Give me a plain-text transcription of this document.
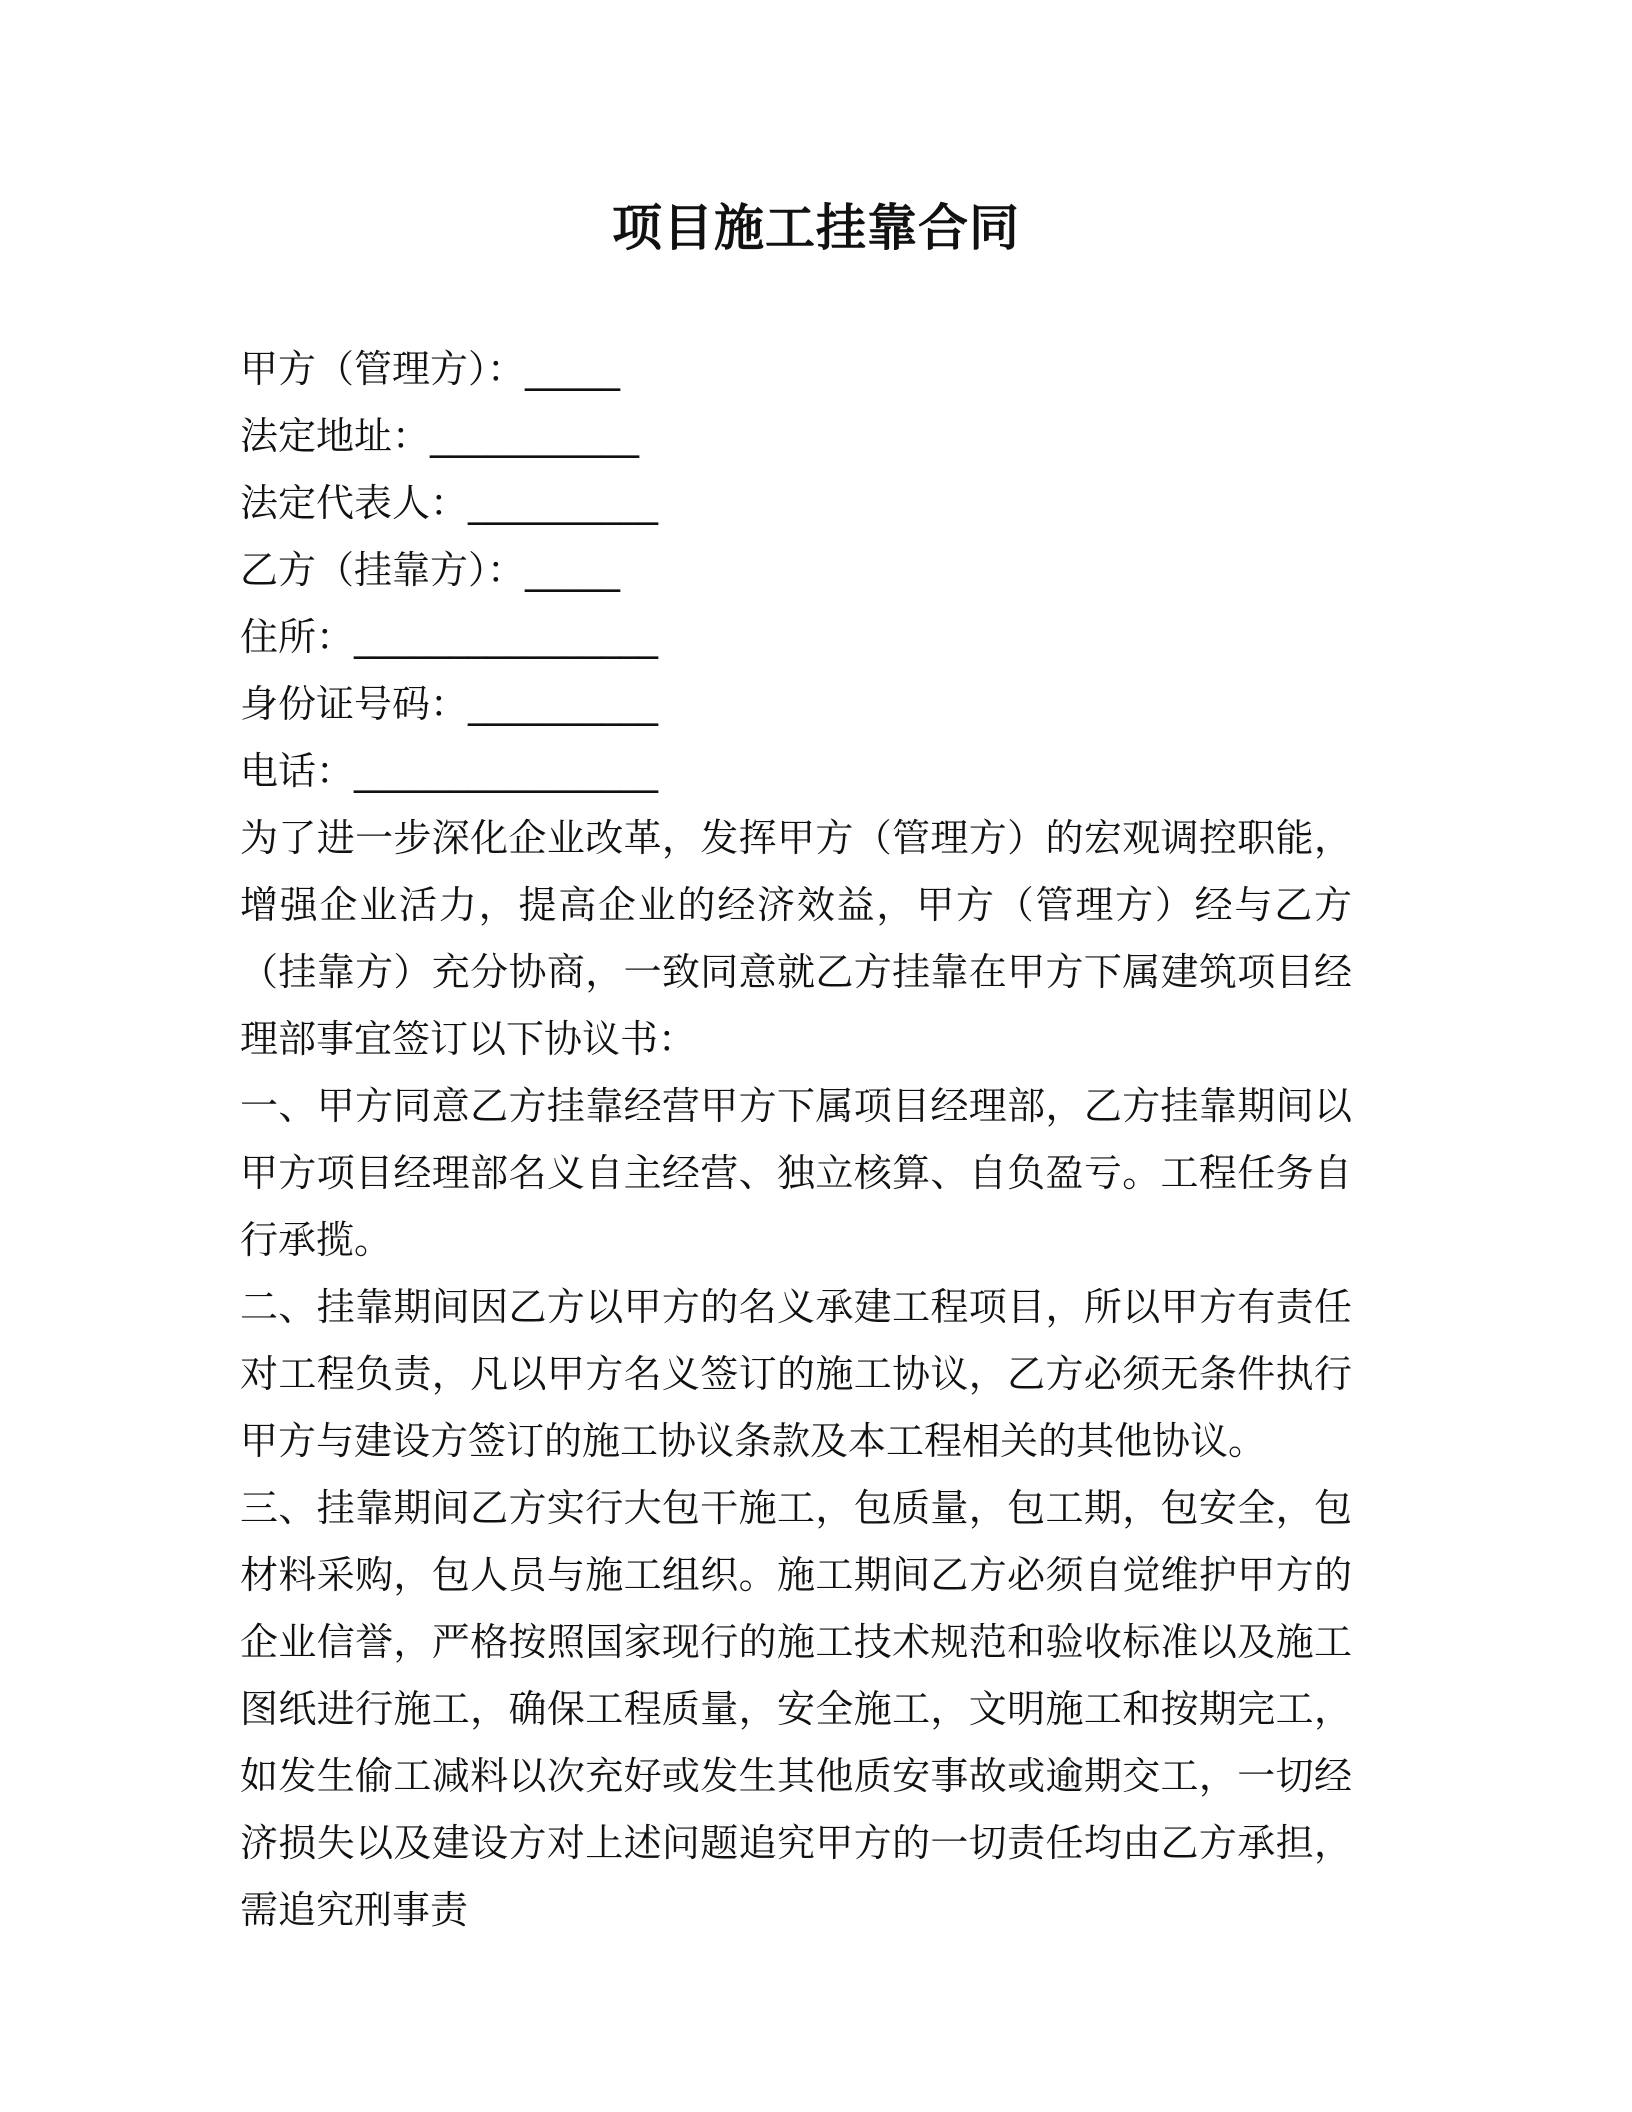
项目施工挂靠合同
甲方（管理方）：_____
法定地址：___________
法定代表人：__________
乙方（挂靠方）：_____
住所：________________
身份证号码：__________
电话：________________

为了进一步深化企业改革，发挥甲方（管理方）的宏观调控职能，增强企业活力，提高企业的经济效益，甲方（管理方）经与乙方（挂靠方）充分协商，一致同意就乙方挂靠在甲方下属建筑项目经理部事宜签订以下协议书：

一、甲方同意乙方挂靠经营甲方下属项目经理部，乙方挂靠期间以甲方项目经理部名义自主经营、独立核算、自负盈亏。工程任务自行承揽。

二、挂靠期间因乙方以甲方的名义承建工程项目，所以甲方有责任对工程负责，凡以甲方名义签订的施工协议，乙方必须无条件执行甲方与建设方签订的施工协议条款及本工程相关的其他协议。

三、挂靠期间乙方实行大包干施工，包质量，包工期，包安全，包材料采购，包人员与施工组织。施工期间乙方必须自觉维护甲方的企业信誉，严格按照国家现行的施工技术规范和验收标准以及施工图纸进行施工，确保工程质量，安全施工，文明施工和按期完工，如发生偷工减料以次充好或发生其他质安事故或逾期交工，一切经济损失以及建设方对上述问题追究甲方的一切责任均由乙方承担，需追究刑事责
